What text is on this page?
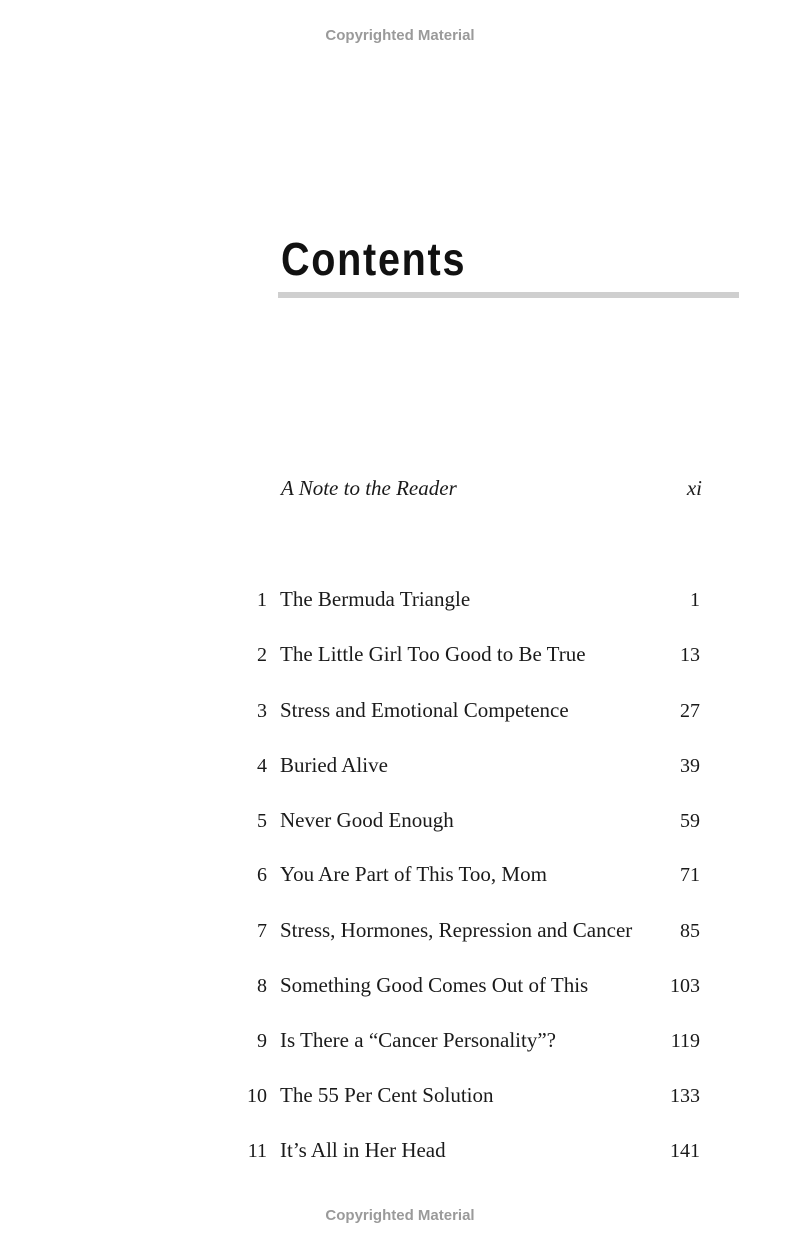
Copyrighted Material
Contents
A Note to the Reader	xi
1 The Bermuda Triangle	1
2 The Little Girl Too Good to Be True	13
3 Stress and Emotional Competence	27
4 Buried Alive	39
5 Never Good Enough	59
6 You Are Part of This Too, Mom	71
7 Stress, Hormones, Repression and Cancer	85
8 Something Good Comes Out of This	103
9 Is There a “Cancer Personality”?	119
10 The 55 Per Cent Solution	133
11 It’s All in Her Head	141
Copyrighted Material
